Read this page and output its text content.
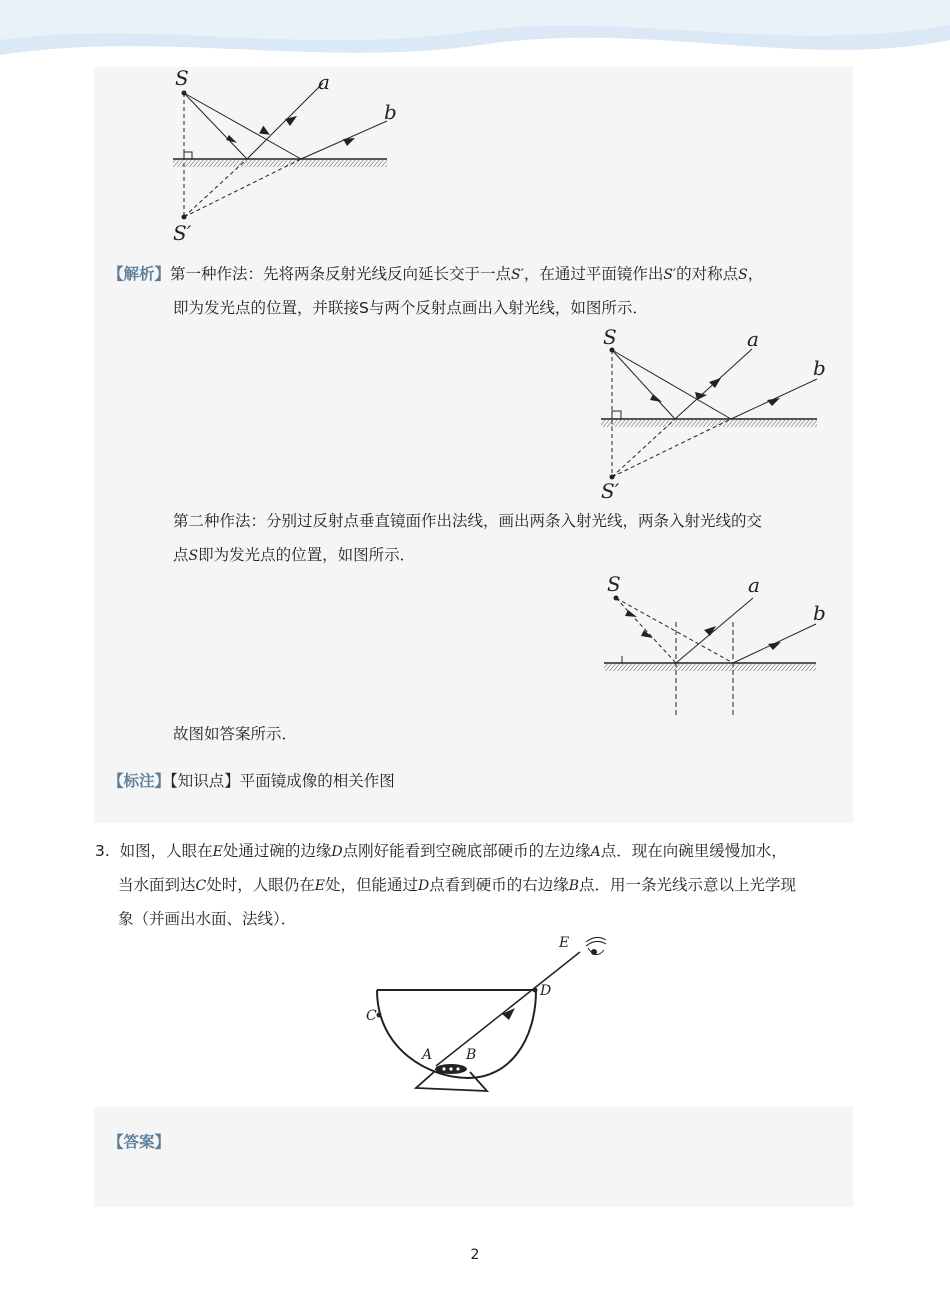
S
S′
a
b
【解析】第一种作法：先将两条反射光线反向延长交于一点S′，在通过平面镜作出S′的对称点S，
即为发光点的位置，并联接S与两个反射点画出入射光线，如图所示．
S
S′
a
b
第二种作法：分别过反射点垂直镜面作出法线，画出两条入射光线，两条入射光线的交
点S即为发光点的位置，如图所示．
S	a
b
故图如答案所示．
【标注】【知识点】平面镜成像的相关作图
3. 如图，人眼在E处通过碗的边缘D点刚好能看到空碗底部硬币的左边缘A点．现在向碗里缓慢加水，
当水面到达C处时，人眼仍在E处，但能通过D点看到硬币的右边缘B点．用一条光线示意以上光学现
象（并画出水面、法线）．
E
D
C
A B
【答案】
2
